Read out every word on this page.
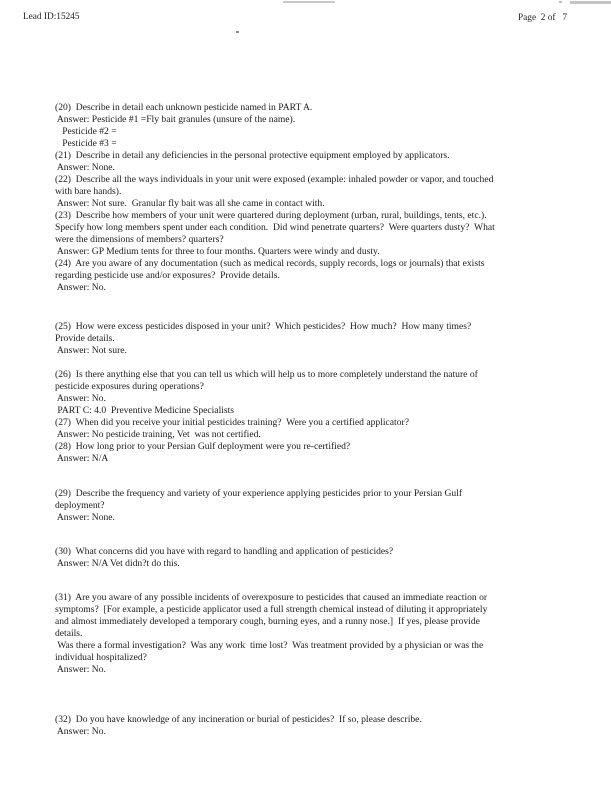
Lead ID:15245	Page  2 of   7
(20)  Describe in detail each unknown pesticide named in PART A.
Answer: Pesticide #1 =Fly bait granules (unsure of the name).
Pesticide #2 =
Pesticide #3 =
(21)  Describe in detail any deficiencies in the personal protective equipment employed by applicators.
Answer: None.
(22)  Describe all the ways individuals in your unit were exposed (example: inhaled powder or vapor, and touched
with bare hands).
Answer: Not sure.  Granular fly bait was all she came in contact with.
(23)  Describe how members of your unit were quartered during deployment (urban, rural, buildings, tents, etc.).
Specify how long members spent under each condition.  Did wind penetrate quarters?  Were quarters dusty?  What
were the dimensions of members? quarters?
Answer: GP Medium tents for three to four months. Quarters were windy and dusty.
(24)  Are you aware of any documentation (such as medical records, supply records, logs or journals) that exists
regarding pesticide use and/or exposures?  Provide details.
Answer: No.
(25)  How were excess pesticides disposed in your unit?  Which pesticides?  How much?  How many times?
Provide details.
Answer: Not sure.
(26)  Is there anything else that you can tell us which will help us to more completely understand the nature of
pesticide exposures during operations?
Answer: No.
PART C: 4.0  Preventive Medicine Specialists
(27)  When did you receive your initial pesticides training?  Were you a certified applicator?
Answer: No pesticide training, Vet  was not certified.
(28)  How long prior to your Persian Gulf deployment were you re-certified?
Answer: N/A
(29)  Describe the frequency and variety of your experience applying pesticides prior to your Persian Gulf
deployment?
Answer: None.
(30)  What concerns did you have with regard to handling and application of pesticides?
Answer: N/A Vet didn?t do this.
(31)  Are you aware of any possible incidents of overexposure to pesticides that caused an immediate reaction or
symptoms?  [For example, a pesticide applicator used a full strength chemical instead of diluting it appropriately
and almost immediately developed a temporary cough, burning eyes, and a runny nose.]  If yes, please provide
details.
Was there a formal investigation?  Was any work  time lost?  Was treatment provided by a physician or was the
individual hospitalized?
Answer: No.
(32)  Do you have knowledge of any incineration or burial of pesticides?  If so, please describe.
Answer: No.
